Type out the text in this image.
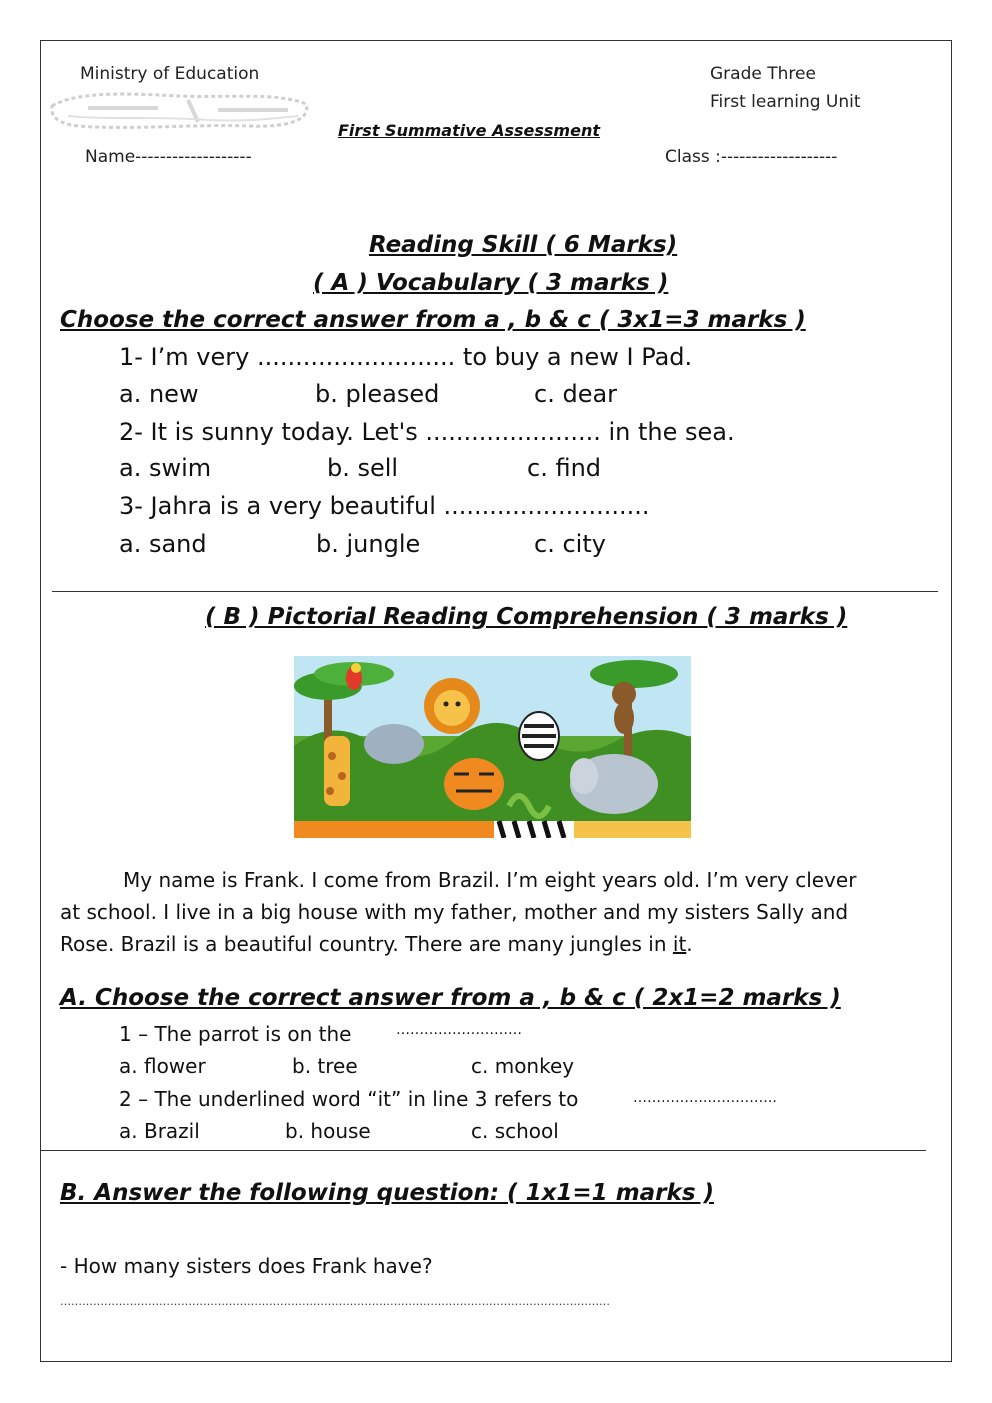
Ministry of Education	Grade Three
First learning Unit
First Summative Assessment
Name-------------------	Class :-------------------
Reading Skill ( 6 Marks)
( A ) Vocabulary ( 3 marks )
Choose the correct answer from a , b & c ( 3x1=3 marks )
1- I’m very .......................... to buy a new I Pad.
a. new	b. pleased	c. dear
2- It is sunny today. Let's ....................... in the sea.
a. swim	b. sell	c. find
3- Jahra is a very beautiful ...........................
a. sand	b. jungle	c. city
( B ) Pictorial Reading Comprehension ( 3 marks )
My name is Frank. I come from Brazil. I’m eight years old. I’m very clever
at school. I live in a big house with my father, mother and my sisters Sally and
Rose. Brazil is a beautiful country. There are many jungles in it.
A. Choose the correct answer from a , b & c ( 2x1=2 marks )
1 – The parrot is on the	………………………
a. flower	b. tree	c. monkey
2 – The underlined word “it” in line 3 refers to	……………..…………..
a. Brazil	b. house	c. school
B. Answer the following question: ( 1x1=1 marks )
- How many sisters does Frank have?
……………………………………………………………………………………………………………………………………
